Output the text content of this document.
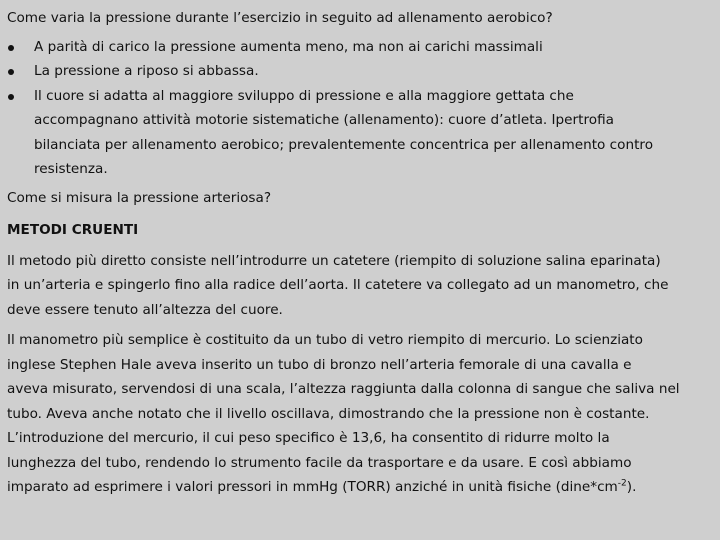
Come varia la pressione durante l’esercizio in seguito ad allenamento aerobico?

A parità di carico la pressione aumenta meno, ma non ai carichi massimali
La pressione a riposo si abbassa.
Il cuore si adatta al maggiore sviluppo di pressione e alla maggiore gettata che
accompagnano attività motorie sistematiche (allenamento): cuore d’atleta. Ipertrofia
bilanciata per allenamento aerobico; prevalentemente concentrica per allenamento contro
resistenza.

Come si misura la pressione arteriosa?

METODI CRUENTI

Il metodo più diretto consiste nell’introdurre un catetere (riempito di soluzione salina eparinata)
in un’arteria e spingerlo fino alla radice dell’aorta. Il catetere va collegato ad un manometro, che
deve essere tenuto all’altezza del cuore.

Il manometro più semplice è costituito da un tubo di vetro riempito di mercurio. Lo scienziato
inglese Stephen Hale aveva inserito un tubo di bronzo nell’arteria femorale di una cavalla e
aveva misurato, servendosi di una scala, l’altezza raggiunta dalla colonna di sangue che saliva nel
tubo. Aveva anche notato che il livello oscillava, dimostrando che la pressione non è costante.
L’introduzione del mercurio, il cui peso specifico è 13,6, ha consentito di ridurre molto la
lunghezza del tubo, rendendo lo strumento facile da trasportare e da usare. E così abbiamo
imparato ad esprimere i valori pressori in mmHg (TORR) anziché in unità fisiche $(dine*cm^{-2})$.
